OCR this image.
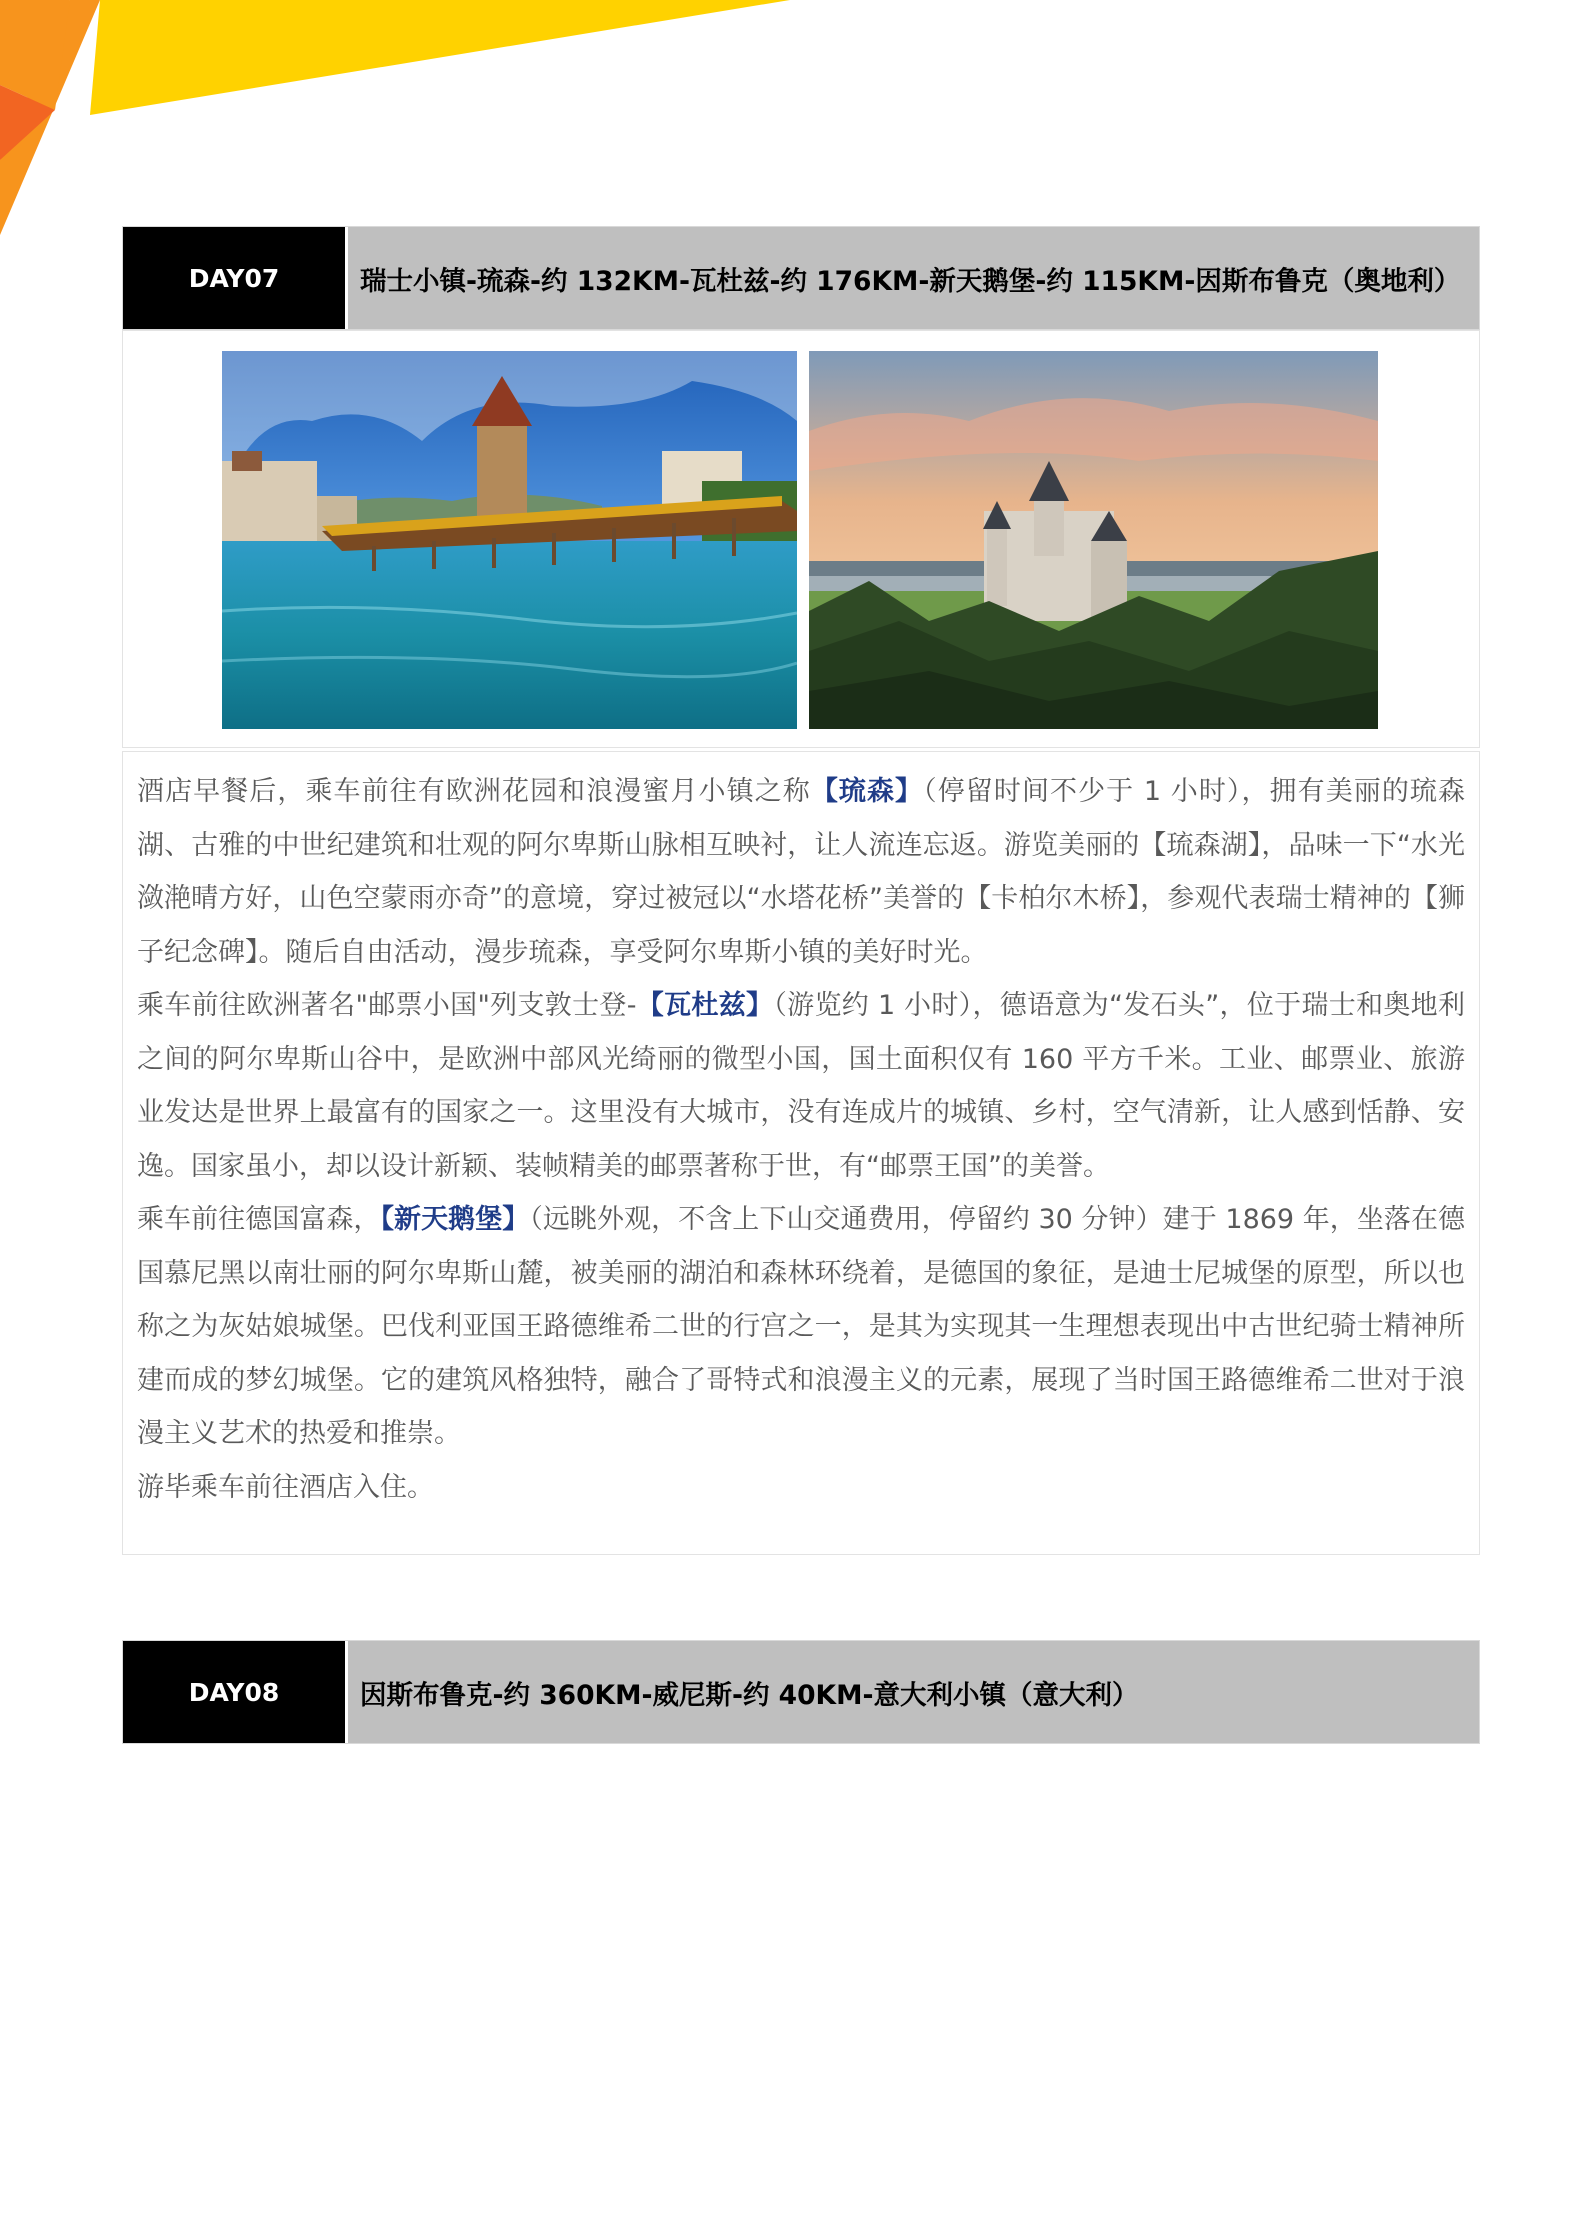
DAY07	瑞士小镇-琉森-约 132KM-瓦杜兹-约 176KM-新天鹅堡-约 115KM-因斯布鲁克（奥地利）

酒店早餐后，乘车前往有欧洲花园和浪漫蜜月小镇之称【琉森】（停留时间不少于 1 小时），拥有美丽的琉森湖、古雅的中世纪建筑和壮观的阿尔卑斯山脉相互映衬，让人流连忘返。游览美丽的【琉森湖】，品味一下“水光潋滟晴方好，山色空蒙雨亦奇”的意境，穿过被冠以“水塔花桥”美誉的【卡柏尔木桥】，参观代表瑞士精神的【狮子纪念碑】。随后自由活动，漫步琉森，享受阿尔卑斯小镇的美好时光。

乘车前往欧洲著名"邮票小国"列支敦士登-【瓦杜兹】（游览约 1 小时），德语意为“发石头”，位于瑞士和奥地利之间的阿尔卑斯山谷中，是欧洲中部风光绮丽的微型小国，国土面积仅有 160 平方千米。工业、邮票业、旅游业发达是世界上最富有的国家之一。这里没有大城市，没有连成片的城镇、乡村，空气清新，让人感到恬静、安逸。国家虽小，却以设计新颖、装帧精美的邮票著称于世，有“邮票王国”的美誉。

乘车前往德国富森，【新天鹅堡】（远眺外观，不含上下山交通费用，停留约 30 分钟）建于 1869 年，坐落在德国慕尼黑以南壮丽的阿尔卑斯山麓，被美丽的湖泊和森林环绕着，是德国的象征，是迪士尼城堡的原型，所以也称之为灰姑娘城堡。巴伐利亚国王路德维希二世的行宫之一，是其为实现其一生理想表现出中古世纪骑士精神所建而成的梦幻城堡。它的建筑风格独特，融合了哥特式和浪漫主义的元素，展现了当时国王路德维希二世对于浪漫主义艺术的热爱和推崇。

游毕乘车前往酒店入住。

DAY08	因斯布鲁克-约 360KM-威尼斯-约 40KM-意大利小镇（意大利）
